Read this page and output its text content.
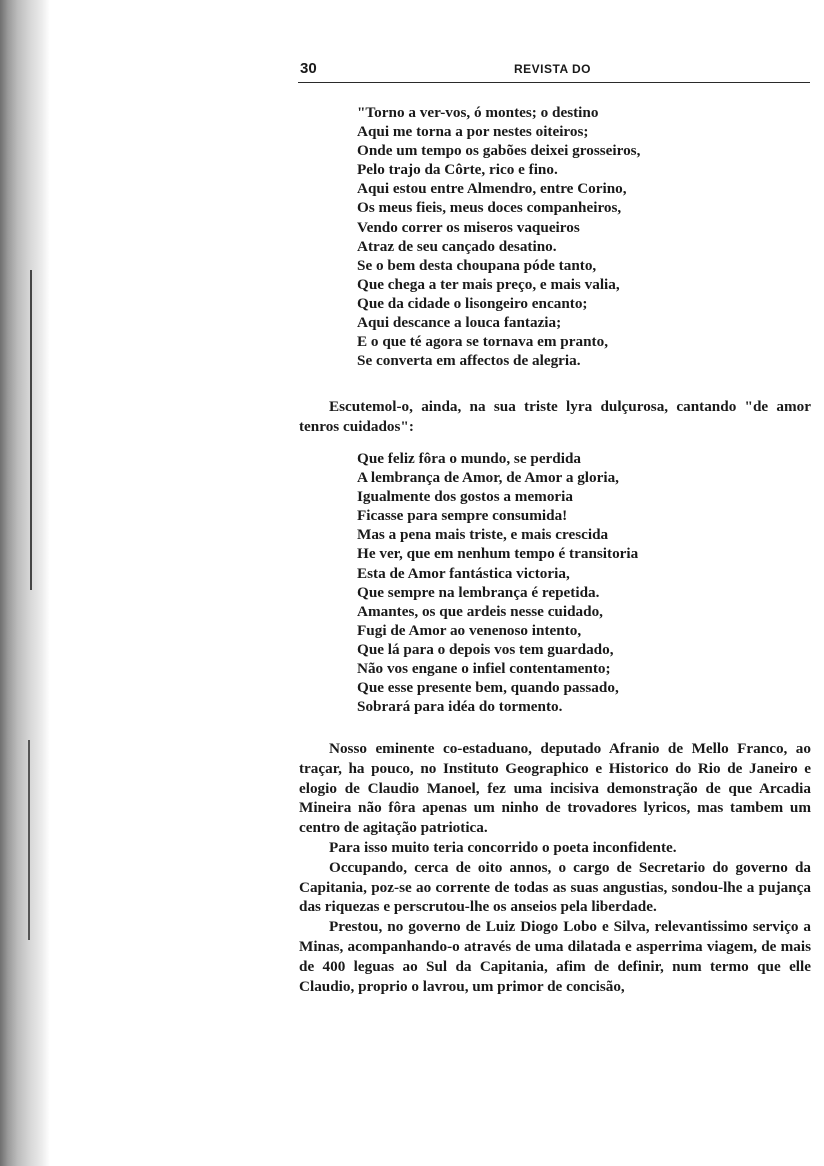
30	REVISTA DO
"Torno a ver-vos, ó montes; o destino
Aqui me torna a por nestes oiteiros;
Onde um tempo os gabões deixei grosseiros,
Pelo trajo da Côrte, rico e fino.
Aqui estou entre Almendro, entre Corino,
Os meus fieis, meus doces companheiros,
Vendo correr os miseros vaqueiros
Atraz de seu cançado desatino.
Se o bem desta choupana póde tanto,
Que chega a ter mais preço, e mais valia,
Que da cidade o lisongeiro encanto;
Aqui descance a louca fantazia;
E o que té agora se tornava em pranto,
Se converta em affectos de alegria.

Escutemol-o, ainda, na sua triste lyra dulçurosa, cantando "de amor tenros cuidados":

Que feliz fôra o mundo, se perdida
A lembrança de Amor, de Amor a gloria,
Igualmente dos gostos a memoria
Ficasse para sempre consumida!
Mas a pena mais triste, e mais crescida
He ver, que em nenhum tempo é transitoria
Esta de Amor fantástica victoria,
Que sempre na lembrança é repetida.
Amantes, os que ardeis nesse cuidado,
Fugi de Amor ao venenoso intento,
Que lá para o depois vos tem guardado,
Não vos engane o infiel contentamento;
Que esse presente bem, quando passado,
Sobrará para idéa do tormento.

Nosso eminente co-estaduano, deputado Afranio de Mello Franco, ao traçar, ha pouco, no Instituto Geographico e Historico do Rio de Janeiro e elogio de Claudio Manoel, fez uma incisiva demonstração de que Arcadia Mineira não fôra apenas um ninho de trovadores lyricos, mas tambem um centro de agitação patriotica.

Para isso muito teria concorrido o poeta inconfidente.

Occupando, cerca de oito annos, o cargo de Secretario do governo da Capitania, poz-se ao corrente de todas as suas angustias, sondou-lhe a pujança das riquezas e perscrutou-lhe os anseios pela liberdade.

Prestou, no governo de Luiz Diogo Lobo e Silva, relevantissimo serviço a Minas, acompanhando-o através de uma dilatada e asperrima viagem, de mais de 400 leguas ao Sul da Capitania, afim de definir, num termo que elle Claudio, proprio o lavrou, um primor de concisão,
